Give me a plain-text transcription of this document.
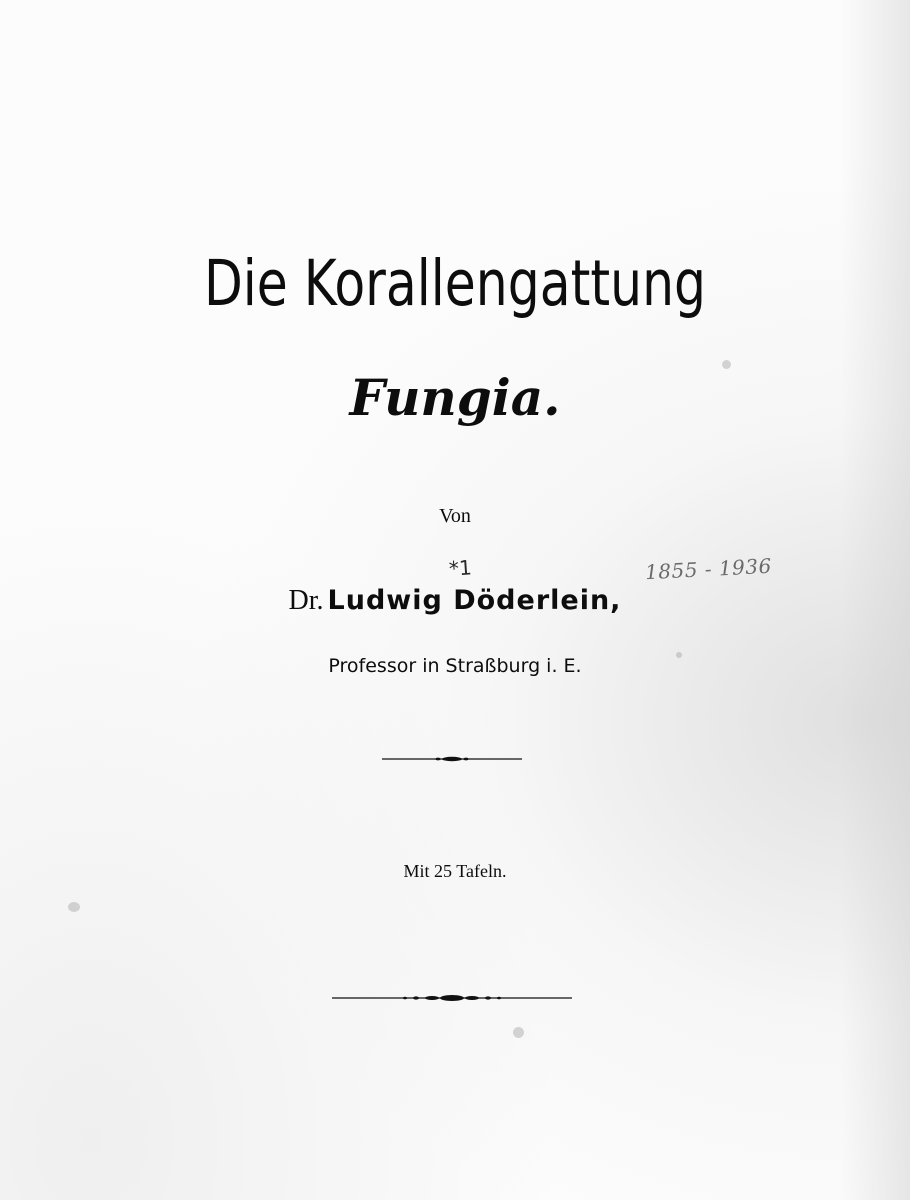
Die Korallengattung
Fungia.
Von
*1	1855 - 1936
Dr. Ludwig Döderlein,
Professor in Straßburg i. E.
Mit 25 Tafeln.
